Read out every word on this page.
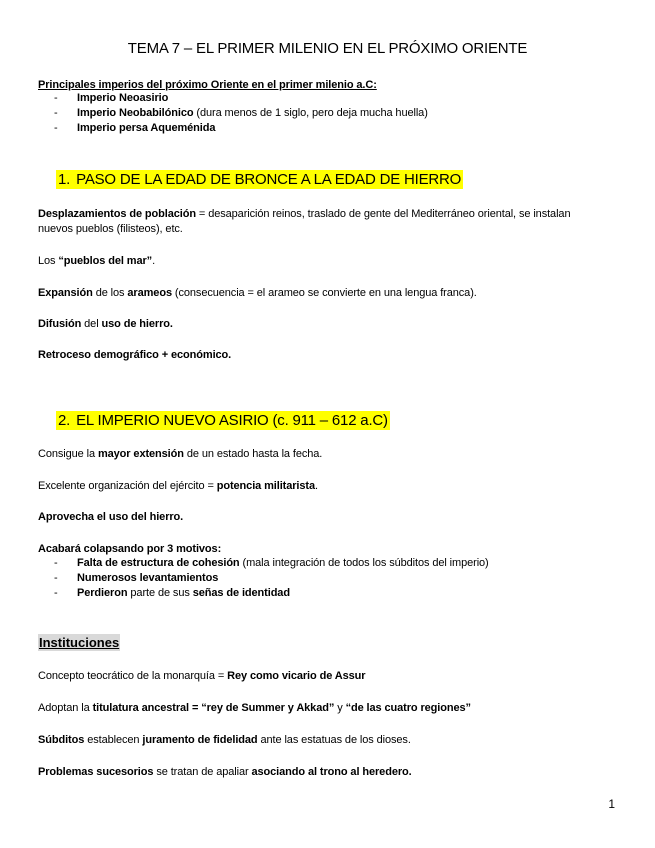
TEMA 7 – EL PRIMER MILENIO EN EL PRÓXIMO ORIENTE
Principales imperios del próximo Oriente en el primer milenio a.C:
- Imperio Neoasirio
- Imperio Neobabilónico (dura menos de 1 siglo, pero deja mucha huella)
- Imperio persa Aqueménida
1. PASO DE LA EDAD DE BRONCE A LA EDAD DE HIERRO
Desplazamientos de población = desaparición reinos, traslado de gente del Mediterráneo oriental, se instalan
nuevos pueblos (filisteos), etc.
Los “pueblos del mar”.
Expansión de los arameos (consecuencia = el arameo se convierte en una lengua franca).
Difusión del uso de hierro.
Retroceso demográfico + económico.
2. EL IMPERIO NUEVO ASIRIO (c. 911 – 612 a.C)
Consigue la mayor extensión de un estado hasta la fecha.
Excelente organización del ejército = potencia militarista.
Aprovecha el uso del hierro.
Acabará colapsando por 3 motivos:
- Falta de estructura de cohesión (mala integración de todos los súbditos del imperio)
- Numerosos levantamientos
- Perdieron parte de sus señas de identidad
Instituciones
Concepto teocrático de la monarquía = Rey como vicario de Assur
Adoptan la titulatura ancestral = “rey de Summer y Akkad” y “de las cuatro regiones”
Súbditos establecen juramento de fidelidad ante las estatuas de los dioses.
Problemas sucesorios se tratan de apaliar asociando al trono al heredero.
1
